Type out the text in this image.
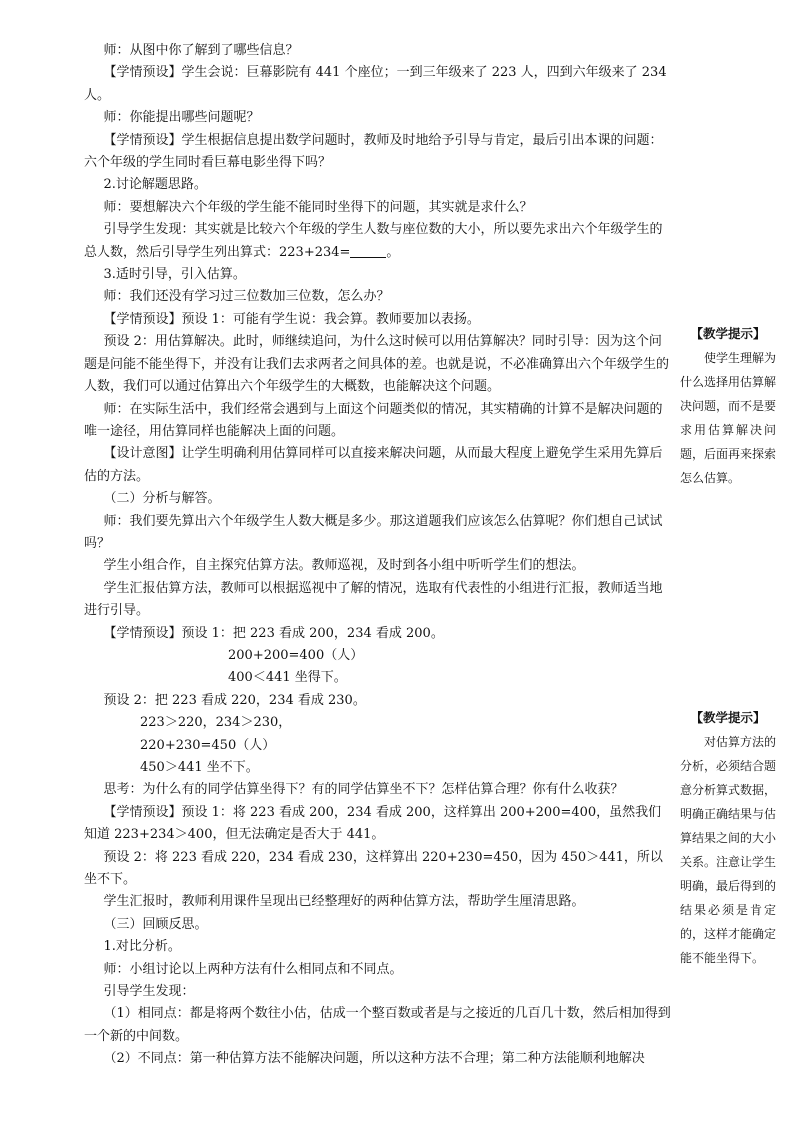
师：从图中你了解到了哪些信息？

【学情预设】学生会说：巨幕影院有 441 个座位；一到三年级来了 223 人，四到六年级来了 234 人。

师：你能提出哪些问题呢？

【学情预设】学生根据信息提出数学问题时，教师及时地给予引导与肯定，最后引出本课的问题：六个年级的学生同时看巨幕电影坐得下吗？

2.讨论解题思路。

师：要想解决六个年级的学生能不能同时坐得下的问题，其实就是求什么？

引导学生发现：其实就是比较六个年级的学生人数与座位数的大小，所以要先求出六个年级学生的总人数，然后引导学生列出算式：223+234=	。

3.适时引导，引入估算。

师：我们还没有学习过三位数加三位数，怎么办？

【学情预设】预设 1：可能有学生说：我会算。教师要加以表扬。

预设 2：用估算解决。此时，师继续追问，为什么这时候可以用估算解决？同时引导：因为这个问题是问能不能坐得下，并没有让我们去求两者之间具体的差。也就是说，不必准确算出六个年级学生的人数，我们可以通过估算出六个年级学生的大概数，也能解决这个问题。

师：在实际生活中，我们经常会遇到与上面这个问题类似的情况，其实精确的计算不是解决问题的唯一途径，用估算同样也能解决上面的问题。

【设计意图】让学生明确利用估算同样可以直接来解决问题，从而最大程度上避免学生采用先算后估的方法。

（二）分析与解答。

师：我们要先算出六个年级学生人数大概是多少。那这道题我们应该怎么估算呢？你们想自己试试吗？

学生小组合作，自主探究估算方法。教师巡视，及时到各小组中听听学生们的想法。

学生汇报估算方法，教师可以根据巡视中了解的情况，选取有代表性的小组进行汇报，教师适当地进行引导。

【学情预设】预设 1：把 223 看成 200，234 看成 200。

200+200=400（人）

400＜441 坐得下。

预设 2：把 223 看成 220，234 看成 230。

223＞220，234＞230，

220+230=450（人）

450＞441 坐不下。

思考：为什么有的同学估算坐得下？有的同学估算坐不下？怎样估算合理？你有什么收获？

【学情预设】预设 1：将 223 看成 200，234 看成 200，这样算出 200+200=400，虽然我们知道 223+234＞400，但无法确定是否大于 441。

预设 2：将 223 看成 220，234 看成 230，这样算出 220+230=450，因为 450＞441，所以坐不下。

学生汇报时，教师利用课件呈现出已经整理好的两种估算方法，帮助学生厘清思路。

（三）回顾反思。

1.对比分析。

师：小组讨论以上两种方法有什么相同点和不同点。

引导学生发现：

（1）相同点：都是将两个数往小估，估成一个整百数或者是与之接近的几百几十数，然后相加得到一个新的中间数。

（2）不同点：第一种估算方法不能解决问题，所以这种方法不合理；第二种方法能顺利地解决

【教学提示】
使学生理解为什么选择用估算解决问题，而不是要求用估算解决问题，后面再来探索怎么估算。
【教学提示】
对估算方法的分析，必须结合题意分析算式数据，明确正确结果与估算结果之间的大小关系。注意让学生明确，最后得到的结果必须是肯定的，这样才能确定能不能坐得下。
